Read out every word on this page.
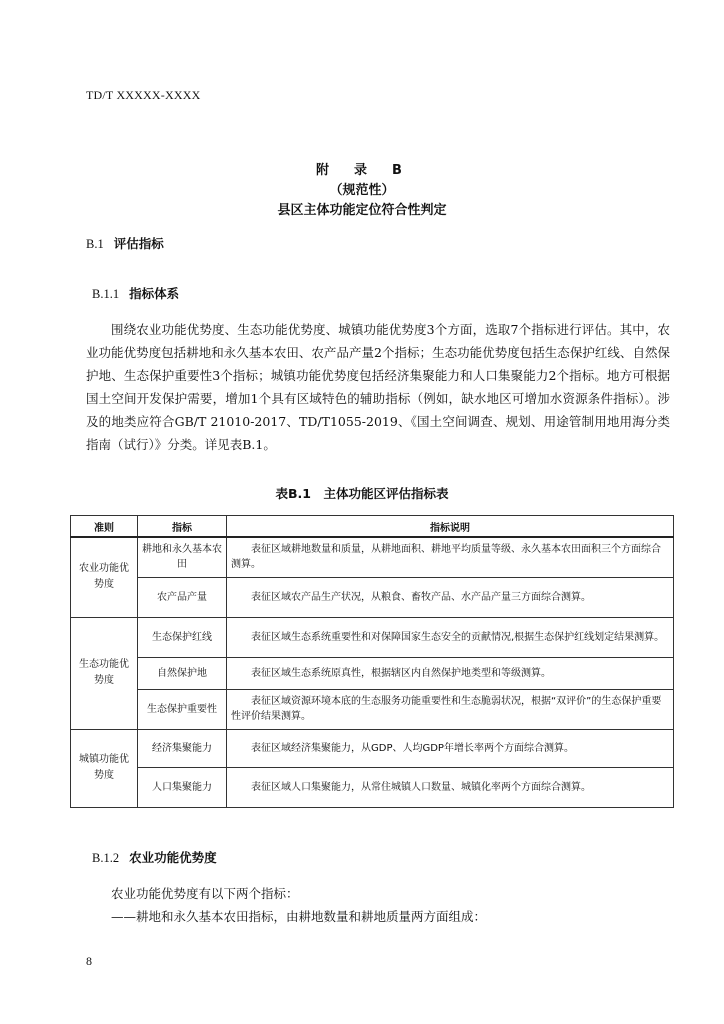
TD/T XXXXX-XXXX
附　录　B
（规范性）
县区主体功能定位符合性判定
B.1 评估指标
B.1.1 指标体系

围绕农业功能优势度、生态功能优势度、城镇功能优势度3个方面，选取7个指标进行评估。其中，农业功能优势度包括耕地和永久基本农田、农产品产量2个指标；生态功能优势度包括生态保护红线、自然保护地、生态保护重要性3个指标；城镇功能优势度包括经济集聚能力和人口集聚能力2个指标。地方可根据国土空间开发保护需要，增加1个具有区域特色的辅助指标（例如，缺水地区可增加水资源条件指标）。涉及的地类应符合GB/T 21010-2017、TD/T1055-2019、《国土空间调查、规划、用途管制用地用海分类指南（试行）》分类。详见表B.1。

表B.1　主体功能区评估指标表
准则	指标	指标说明
农业功能优势度	耕地和永久基本农田	表征区域耕地数量和质量，从耕地面积、耕地平均质量等级、永久基本农田面积三个方面综合测算。
	农产品产量	表征区域农产品生产状况，从粮食、畜牧产品、水产品产量三方面综合测算。
生态功能优势度	生态保护红线	表征区域生态系统重要性和对保障国家生态安全的贡献情况,根据生态保护红线划定结果测算。
	自然保护地	表征区域生态系统原真性，根据辖区内自然保护地类型和等级测算。
	生态保护重要性	表征区域资源环境本底的生态服务功能重要性和生态脆弱状况，根据“双评价”的生态保护重要性评价结果测算。
城镇功能优势度	经济集聚能力	表征区域经济集聚能力，从GDP、人均GDP年增长率两个方面综合测算。
	人口集聚能力	表征区域人口集聚能力，从常住城镇人口数量、城镇化率两个方面综合测算。
B.1.2 农业功能优势度

农业功能优势度有以下两个指标：

——耕地和永久基本农田指标，由耕地数量和耕地质量两方面组成：

8
